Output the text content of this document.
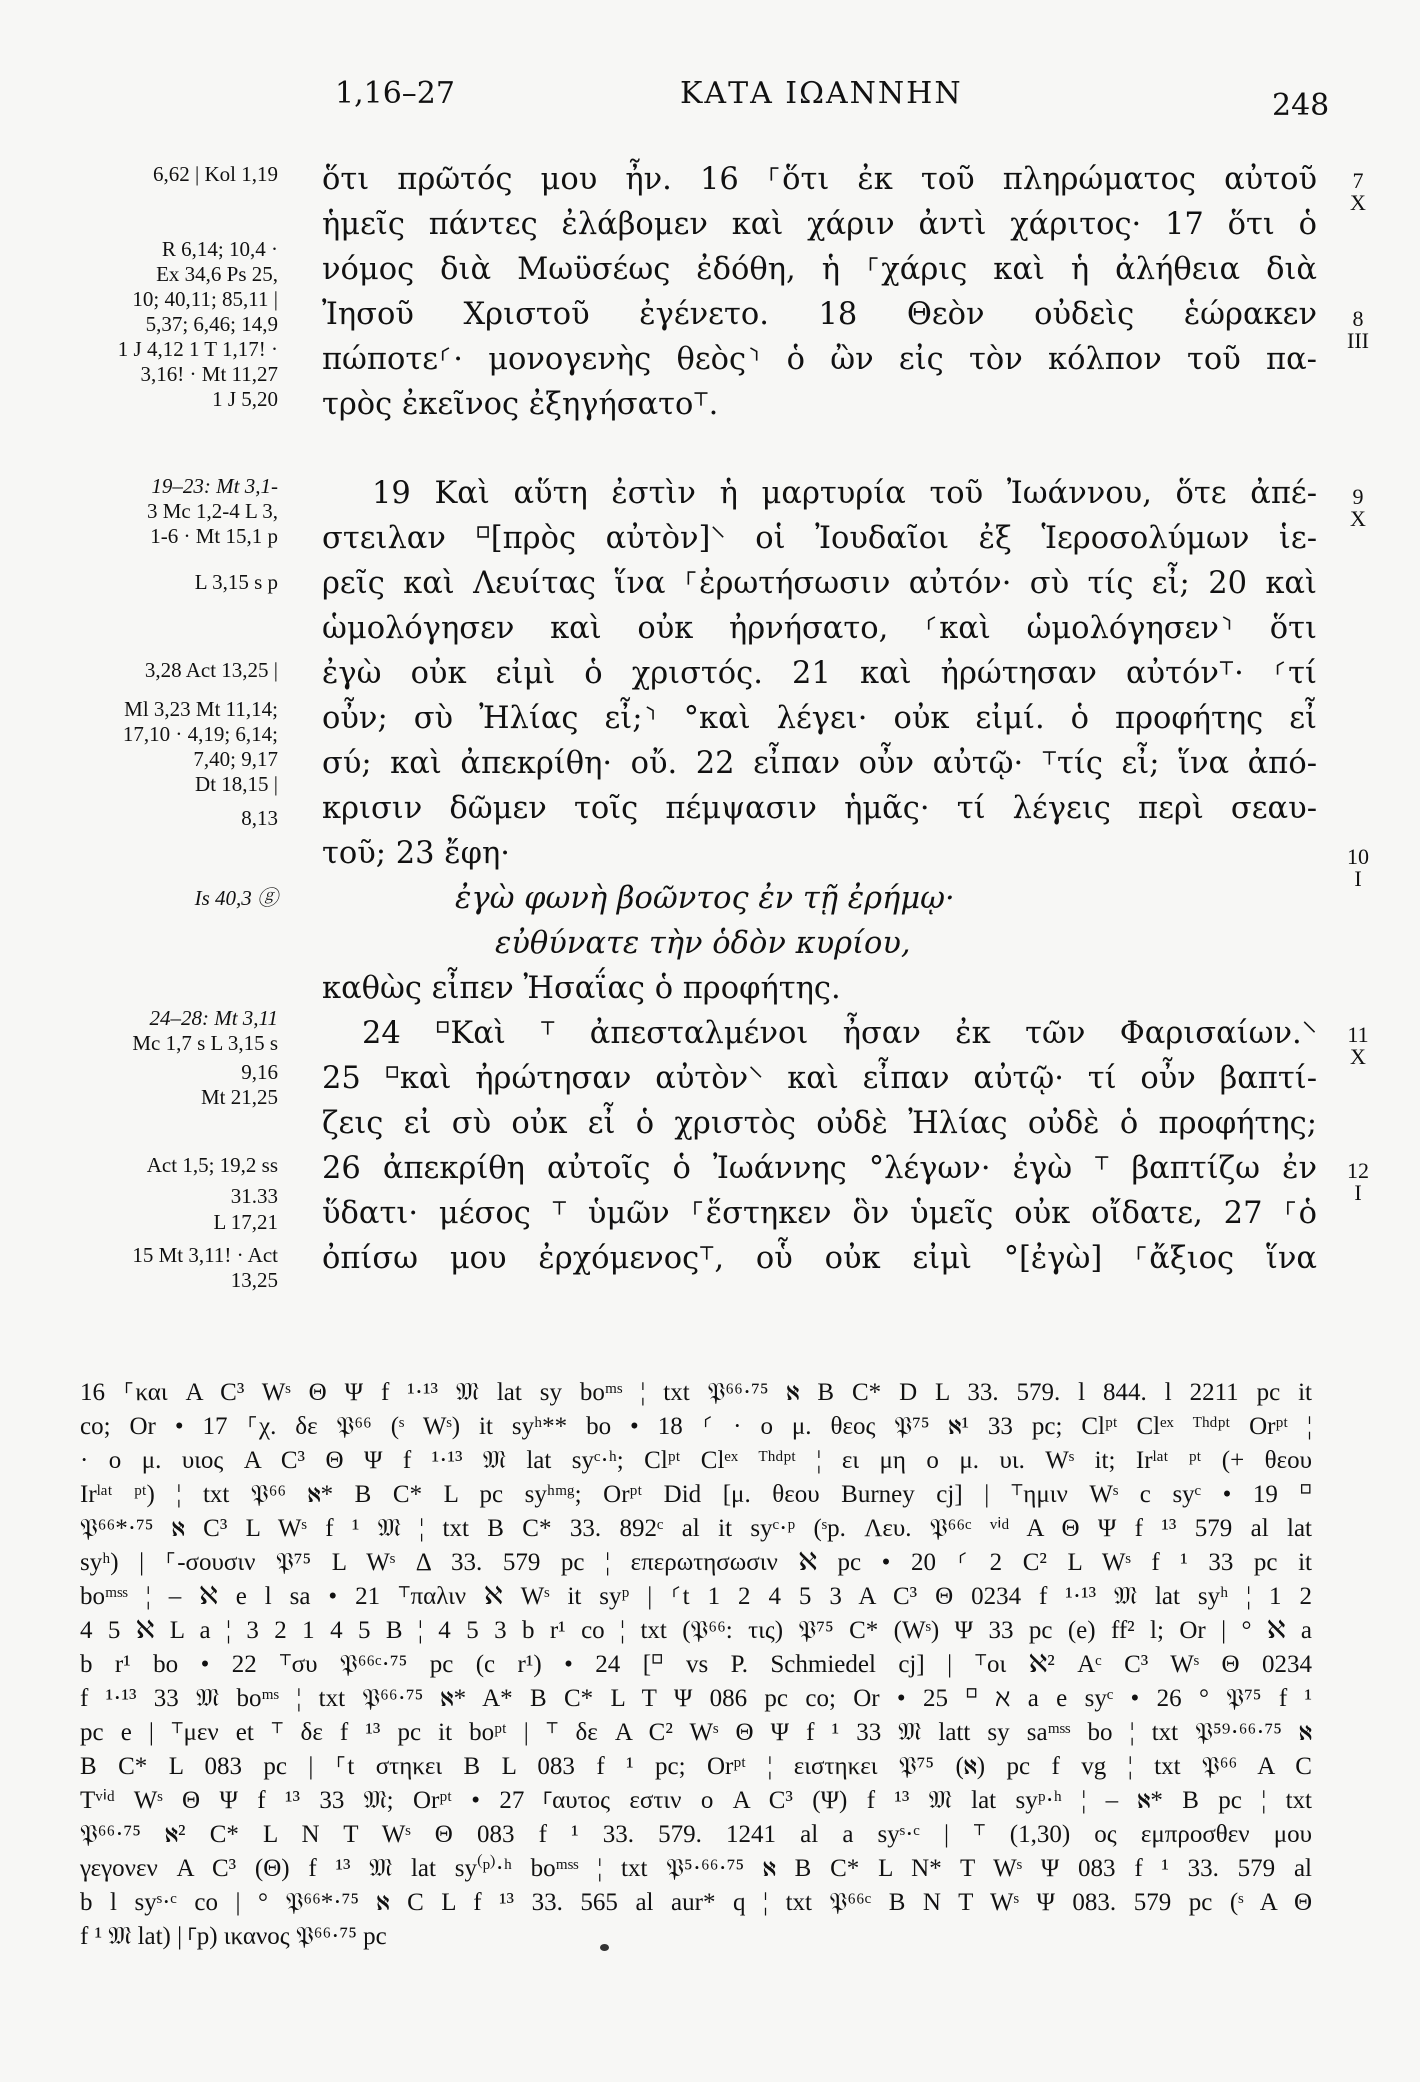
1,16–27	ΚΑΤΑ ΙΩΑΝΝΗΝ	248
6,62 | Kol 1,19
R 6,14; 10,4 ·
Ex 34,6 Ps 25,
10; 40,11; 85,11 |
5,37; 6,46; 14,9
1 J 4,12 1 T 1,17! ·
3,16! · Mt 11,27
1 J 5,20
19–23: Mt 3,1-
3 Mc 1,2-4 L 3,
1-6 · Mt 15,1 p
L 3,15 s p
3,28 Act 13,25 |
Ml 3,23 Mt 11,14;
17,10 · 4,19; 6,14;
7,40; 9,17
Dt 18,15 |
8,13
Is 40,3 ⓖ
24–28: Mt 3,11
Mc 1,7 s L 3,15 s
9,16
Mt 21,25
Act 1,5; 19,2 ss
31.33
L 17,21
15 Mt 3,11! · Act
13,25
7
X
8
III
9
X
10
I
11
X
12
I
ὅτι πρῶτός μου ἦν. 16 ⸀ὅτι ἐκ τοῦ πληρώματος αὐτοῦ
ἡμεῖς πάντες ἐλάβομεν καὶ χάριν ἀντὶ χάριτος· 17 ὅτι ὁ
νόμος διὰ Μωϋσέως ἐδόθη, ἡ ⸀χάρις καὶ ἡ ἀλήθεια διὰ
Ἰησοῦ Χριστοῦ ἐγένετο. 18 Θεὸν οὐδεὶς ἑώρακεν
πώποτε⸂· μονογενὴς θεὸς⸃ ὁ ὢν εἰς τὸν κόλπον τοῦ πα-
τρὸς ἐκεῖνος ἐξηγήσατο⸆.
19 Καὶ αὕτη ἐστὶν ἡ μαρτυρία τοῦ Ἰωάννου, ὅτε ἀπέ-
στειλαν ⸋[πρὸς αὐτὸν]⸌ οἱ Ἰουδαῖοι ἐξ Ἱεροσολύμων ἱε-
ρεῖς καὶ Λευίτας ἵνα ⸀ἐρωτήσωσιν αὐτόν· σὺ τίς εἶ; 20 καὶ
ὡμολόγησεν καὶ οὐκ ἠρνήσατο, ⸂καὶ ὡμολόγησεν⸃ ὅτι
ἐγὼ οὐκ εἰμὶ ὁ χριστός. 21 καὶ ἠρώτησαν αὐτόν⸆· ⸂τί
οὖν; σὺ Ἠλίας εἶ;⸃ °καὶ λέγει· οὐκ εἰμί. ὁ προφήτης εἶ
σύ; καὶ ἀπεκρίθη· οὔ. 22 εἶπαν οὖν αὐτῷ· ⸆τίς εἶ; ἵνα ἀπό-
κρισιν δῶμεν τοῖς πέμψασιν ἡμᾶς· τί λέγεις περὶ σεαυ-
τοῦ; 23 ἔφη·
ἐγὼ φωνὴ βοῶντος ἐν τῇ ἐρήμῳ·
εὐθύνατε τὴν ὁδὸν κυρίου,
καθὼς εἶπεν Ἠσαΐας ὁ προφήτης.
24 ⸋Καὶ ⸆ ἀπεσταλμένοι ἦσαν ἐκ τῶν Φαρισαίων.⸌
25 ⸋καὶ ἠρώτησαν αὐτὸν⸌ καὶ εἶπαν αὐτῷ· τί οὖν βαπτί-
ζεις εἰ σὺ οὐκ εἶ ὁ χριστὸς οὐδὲ Ἠλίας οὐδὲ ὁ προφήτης;
26 ἀπεκρίθη αὐτοῖς ὁ Ἰωάννης °λέγων· ἐγὼ ⸆ βαπτίζω ἐν
ὕδατι· μέσος ⸆ ὑμῶν ⸀ἕστηκεν ὃν ὑμεῖς οὐκ οἴδατε, 27 ⸀ὁ
ὀπίσω μου ἐρχόμενος⸆, οὗ οὐκ εἰμὶ °[ἐγὼ] ⸀ἄξιος ἵνα
16 ⸀και A C³ Wˢ Θ Ψ f ¹·¹³ 𝔐 lat sy boᵐˢ ¦ txt 𝔓⁶⁶·⁷⁵ ℵ B C* D L 33. 579. l 844. l 2211 pc it
co; Or • 17 ⸀χ. δε 𝔓⁶⁶ (ˢ Wˢ) it syʰ** bo • 18 ⸂ · ο μ. θεος 𝔓⁷⁵ ℵ¹ 33 pc; Clᵖᵗ Clᵉˣ ᵀʰᵈᵖᵗ Orᵖᵗ ¦
· ο μ. υιος A C³ Θ Ψ f ¹·¹³ 𝔐 lat syᶜ·ʰ; Clᵖᵗ Clᵉˣ ᵀʰᵈᵖᵗ ¦ ει μη ο μ. υι. Wˢ it; Irˡᵃᵗ ᵖᵗ (+ θεου
Irˡᵃᵗ ᵖᵗ) ¦ txt 𝔓⁶⁶ ℵ* B C* L pc syʰᵐᵍ; Orᵖᵗ Did [μ. θεου Burney cj] | ⸆ημιν Wˢ c syᶜ • 19 ⸋
𝔓⁶⁶*·⁷⁵ ℵ C³ L Wˢ f ¹ 𝔐 ¦ txt B C* 33. 892ᶜ al it syᶜ·ᵖ (ˢp. Λευ. 𝔓⁶⁶ᶜ ᵛⁱᵈ A Θ Ψ f ¹³ 579 al lat
syʰ) | ⸀-σουσιν 𝔓⁷⁵ L Wˢ Δ 33. 579 pc ¦ επερωτησωσιν ℵ pc • 20 ⸂ 2 C² L Wˢ f ¹ 33 pc it
boᵐˢˢ ¦ – ℵ e l sa • 21 ⸆παλιν ℵ Wˢ it syᵖ | ⸂t 1 2 4 5 3 A C³ Θ 0234 f ¹·¹³ 𝔐 lat syʰ ¦ 1 2
4 5 ℵ L a ¦ 3 2 1 4 5 B ¦ 4 5 3 b r¹ co ¦ txt (𝔓⁶⁶: τις) 𝔓⁷⁵ C* (Wˢ) Ψ 33 pc (e) ff² l; Or | ° ℵ a
b r¹ bo • 22 ⸆συ 𝔓⁶⁶ᶜ·⁷⁵ pc (c r¹) • 24 [⸋ vs P. Schmiedel cj] | ⸆οι ℵ² Aᶜ C³ Wˢ Θ 0234
f ¹·¹³ 33 𝔐 boᵐˢ ¦ txt 𝔓⁶⁶·⁷⁵ ℵ* A* B C* L T Ψ 086 pc co; Or • 25 ⸋ ℵ a e syᶜ • 26 ° 𝔓⁷⁵ f ¹
pc e | ⸆μεν et ⸆ δε f ¹³ pc it boᵖᵗ | ⸆ δε A C² Wˢ Θ Ψ f ¹ 33 𝔐 latt sy saᵐˢˢ bo ¦ txt 𝔓⁵⁹·⁶⁶·⁷⁵ ℵ
B C* L 083 pc | ⸀t στηκει B L 083 f ¹ pc; Orᵖᵗ ¦ ειστηκει 𝔓⁷⁵ (ℵ) pc f vg ¦ txt 𝔓⁶⁶ A C
Tᵛⁱᵈ Wˢ Θ Ψ f ¹³ 33 𝔐; Orᵖᵗ • 27 ⸀αυτος εστιν ο A C³ (Ψ) f ¹³ 𝔐 lat syᵖ·ʰ ¦ – ℵ* B pc ¦ txt
𝔓⁶⁶·⁷⁵ ℵ² C* L N T Wˢ Θ 083 f ¹ 33. 579. 1241 al a syˢ·ᶜ | ⸆ (1,30) ος εμπροσθεν μου
γεγονεν A C³ (Θ) f ¹³ 𝔐 lat sy⁽ᵖ⁾·ʰ boᵐˢˢ ¦ txt 𝔓⁵·⁶⁶·⁷⁵ ℵ B C* L N* T Wˢ Ψ 083 f ¹ 33. 579 al
b l syˢ·ᶜ co | ° 𝔓⁶⁶*·⁷⁵ ℵ C L f ¹³ 33. 565 al aur* q ¦ txt 𝔓⁶⁶ᶜ B N T Wˢ Ψ 083. 579 pc (ˢ A Θ
f ¹ 𝔐 lat) | ⸀p) ικανος 𝔓⁶⁶·⁷⁵ pc
